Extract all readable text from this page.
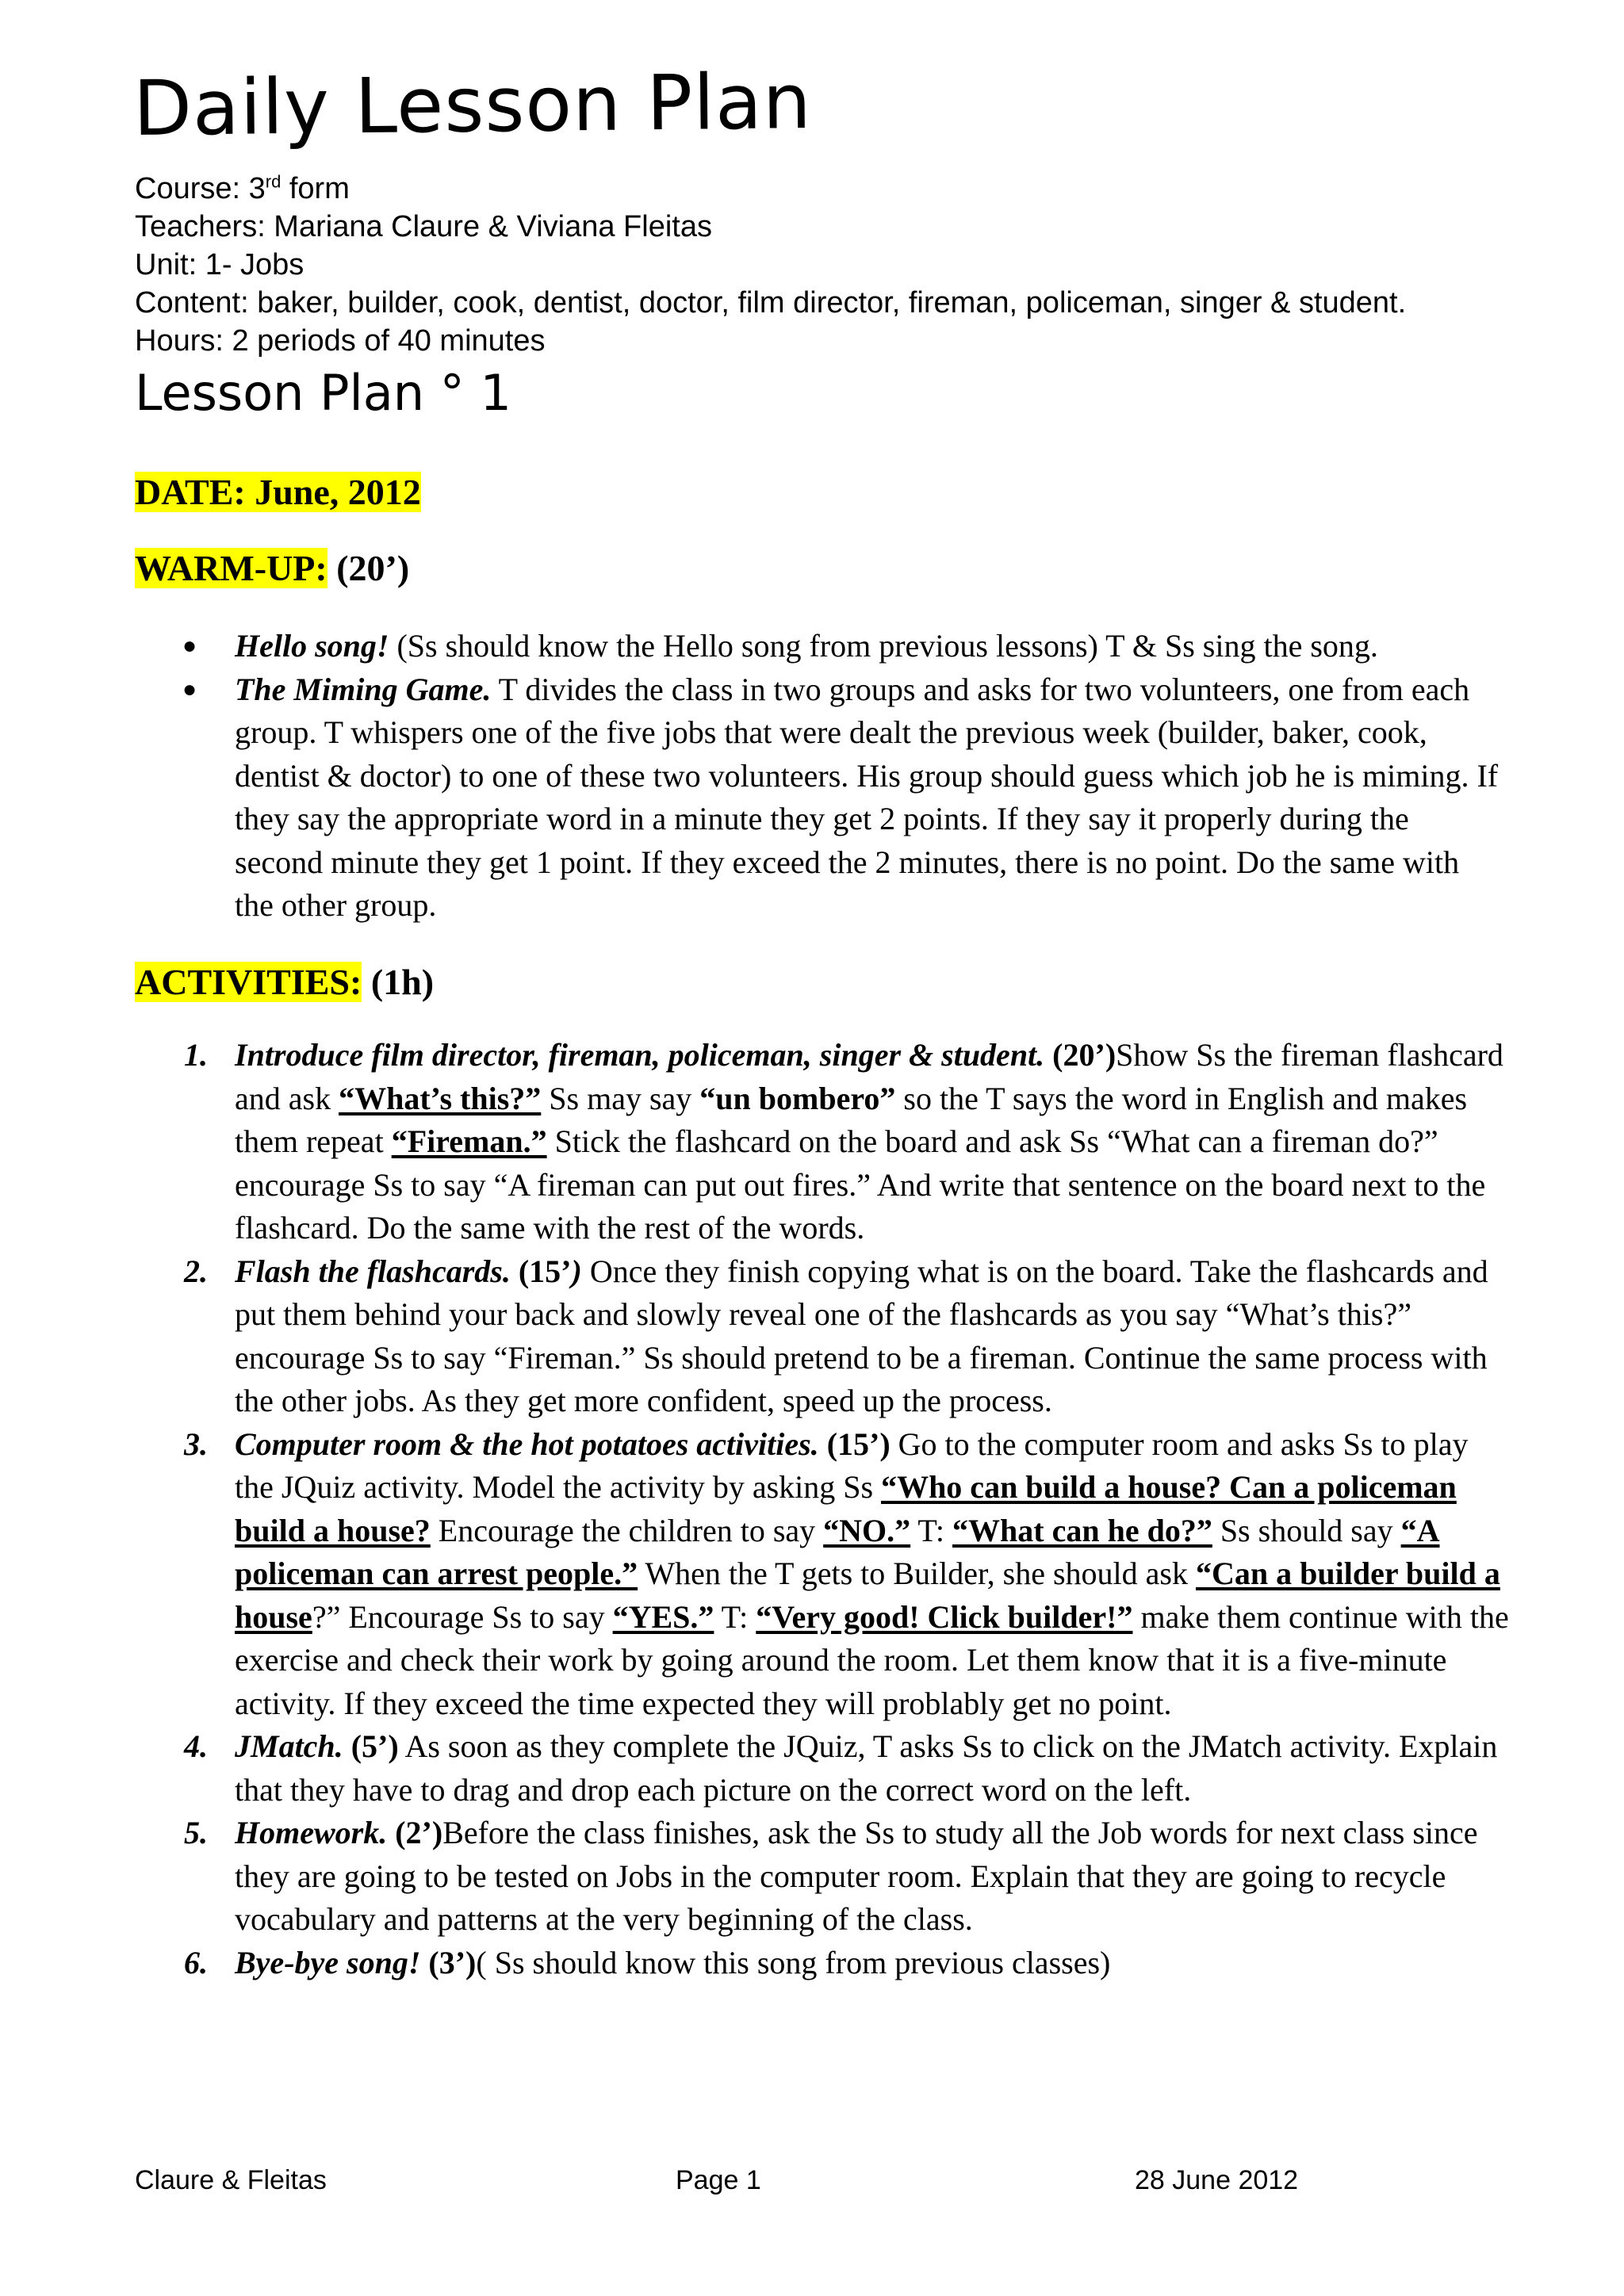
Daily Lesson Plan
Course: 3rd form
Teachers: Mariana Claure & Viviana Fleitas
Unit: 1- Jobs
Content: baker, builder, cook, dentist, doctor, film director, fireman, policeman, singer & student.
Hours: 2 periods of 40 minutes
Lesson Plan ° 1
DATE: June, 2012
WARM-UP: (20’)
● Hello song! (Ss should know the Hello song from previous lessons) T & Ss sing the song.
● The Miming Game. T divides the class in two groups and asks for two volunteers, one from each group. T whispers one of the five jobs that were dealt the previous week (builder, baker, cook, dentist & doctor) to one of these two volunteers. His group should guess which job he is miming. If they say the appropriate word in a minute they get 2 points. If they say it properly during the second minute they get 1 point. If they exceed the 2 minutes, there is no point. Do the same with the other group.
ACTIVITIES: (1h)
1. Introduce film director, fireman, policeman, singer & student. (20’)Show Ss the fireman flashcard and ask “What’s this?” Ss may say “un bombero” so the T says the word in English and makes them repeat “Fireman.” Stick the flashcard on the board and ask Ss “What can a fireman do?” encourage Ss to say “A fireman can put out fires.” And write that sentence on the board next to the flashcard. Do the same with the rest of the words.
2. Flash the flashcards. (15’) Once they finish copying what is on the board. Take the flashcards and put them behind your back and slowly reveal one of the flashcards as you say “What’s this?” encourage Ss to say “Fireman.” Ss should pretend to be a fireman. Continue the same process with the other jobs. As they get more confident, speed up the process.
3. Computer room & the hot potatoes activities. (15’) Go to the computer room and asks Ss to play the JQuiz activity. Model the activity by asking Ss “Who can build a house? Can a policeman build a house? Encourage the children to say “NO.” T: “What can he do?” Ss should say “A policeman can arrest people.” When the T gets to Builder, she should ask “Can a builder build a house?” Encourage Ss to say “YES.” T: “Very good! Click builder!” make them continue with the exercise and check their work by going around the room. Let them know that it is a five-minute activity. If they exceed the time expected they will problably get no point.
4. JMatch. (5’) As soon as they complete the JQuiz, T asks Ss to click on the JMatch activity. Explain that they have to drag and drop each picture on the correct word on the left.
5. Homework. (2’)Before the class finishes, ask the Ss to study all the Job words for next class since they are going to be tested on Jobs in the computer room. Explain that they are going to recycle vocabulary and patterns at the very beginning of the class.
6. Bye-bye song! (3’)( Ss should know this song from previous classes)
Claure & Fleitas	Page 1	28 June 2012
